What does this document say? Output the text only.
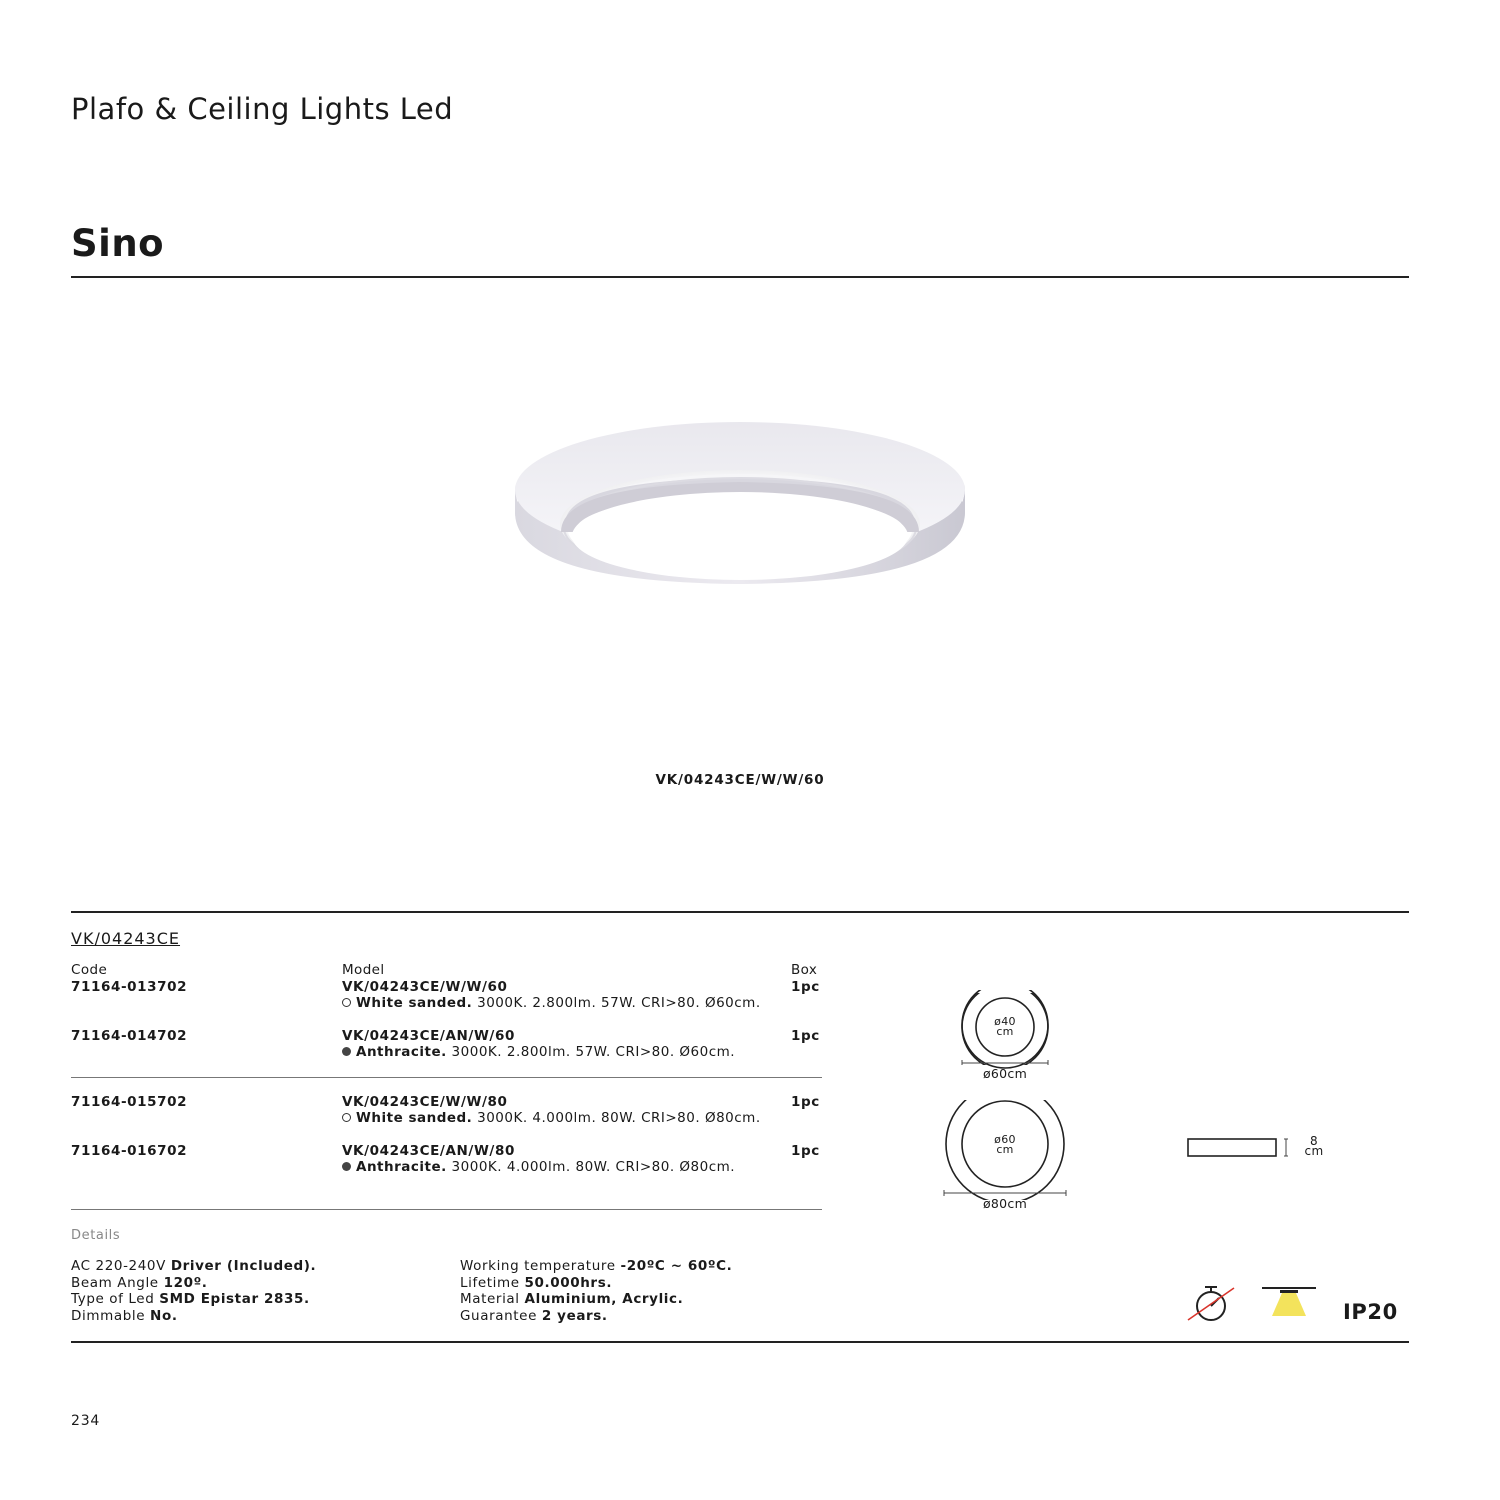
Plafo & Ceiling Lights Led
Sino
VK/04243CE/W/W/60
VK/04243CE
Code	Model	Box
71164-013702	VK/04243CE/W/W/60	1pc
White sanded. 3000K. 2.800lm. 57W. CRI>80. Ø60cm.
71164-014702	VK/04243CE/AN/W/60	1pc
Anthracite. 3000K. 2.800lm. 57W. CRI>80. Ø60cm.
71164-015702	VK/04243CE/W/W/80	1pc
White sanded. 3000K. 4.000lm. 80W. CRI>80. Ø80cm.
71164-016702	VK/04243CE/AN/W/80	1pc
Anthracite. 3000K. 4.000lm. 80W. CRI>80. Ø80cm.
ø40
cm
ø60cm
ø60
cm
ø80cm
8
cm
Details
AC 220-240V Driver (Included).
Beam Angle 120º.
Type of Led SMD Epistar 2835.
Dimmable No.
Working temperature -20ºC ~ 60ºC.
Lifetime 50.000hrs.
Material Aluminium, Acrylic.
Guarantee 2 years.	IP20
234
